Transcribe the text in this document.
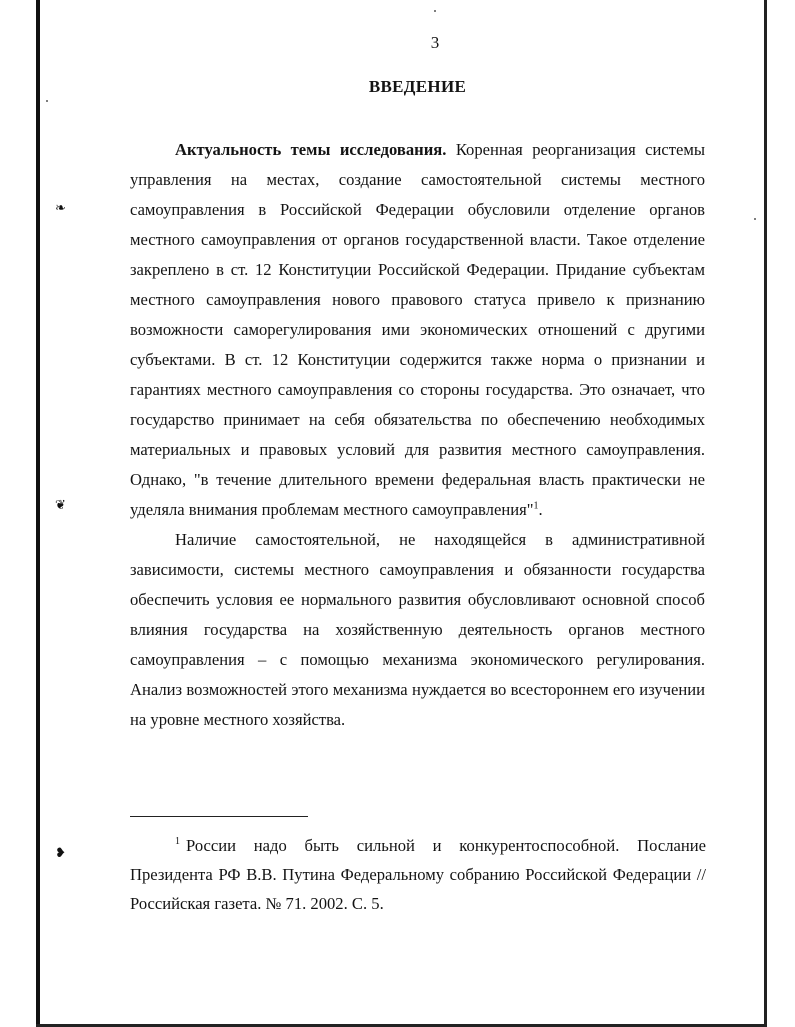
❧
❦
❥
3
ВВЕДЕНИЕ

Актуальность темы исследования. Коренная реорганизация системы управления на местах, создание самостоятельной системы местного самоуправления в Российской Федерации обусловили отделение органов местного самоуправления от органов государственной власти. Такое отделение закреплено в ст. 12 Конституции Российской Федерации. Придание субъектам местного самоуправления нового правового статуса привело к признанию возможности саморегулирования ими экономических отношений с другими субъектами. В ст. 12 Конституции содержится также норма о признании и гарантиях местного самоуправления со стороны государства. Это означает, что государство принимает на себя обязательства по обеспечению необходимых материальных и правовых условий для развития местного самоуправления. Однако, "в течение длительного времени федеральная власть практически не уделяла внимания проблемам местного самоуправления"$^1$.

Наличие самостоятельной, не находящейся в административной зависимости, системы местного самоуправления и обязанности государства обеспечить условия ее нормального развития обусловливают основной способ влияния государства на хозяйственную деятельность органов местного самоуправления – с помощью механизма экономического регулирования. Анализ возможностей этого механизма нуждается во всестороннем его изучении на уровне местного хозяйства.

$^1$ России надо быть сильной и конкурентоспособной. Послание Президента РФ В.В. Путина Федеральному собранию Российской Федерации // Российская газета. № 71. 2002. С. 5.
